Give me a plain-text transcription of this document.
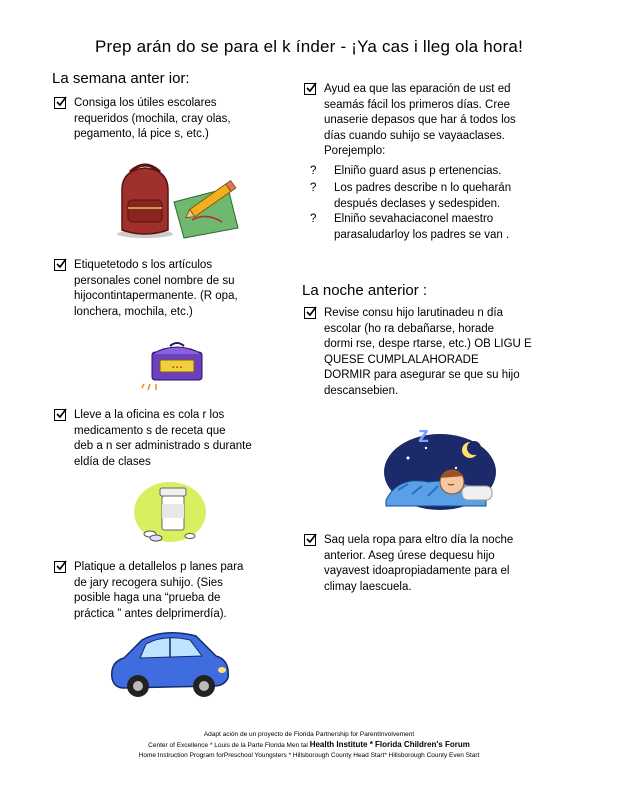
Prep arán do se para el k índer - ¡Ya cas i lleg ola hora!
La semana anter ior:

Consiga los útiles escolares

requeridos (mochila, cray olas,

pegamento, lá pice s, etc.)

Etiquetetodo s los artículos

personales conel nombre de su

hijocontintapermanente. (R opa,

lonchera, mochila, etc.)

▪ ▪ ▪

Lleve a la oficina es cola r los

medicamento s de receta que

deb a n ser administrado s durante

eldía de clases

Platique a detallelos p lanes para

de jary recogera suhijo. (Sies

posible haga una “prueba de

práctica ” antes delprimerdía).

Ayud ea que las eparación de ust ed

seamás fácil los primeros días. Cree

unaserie depasos que har á todos los

días cuando suhijo se vayaaclases.

Porejemplo:

? Elniño guard asus p ertenencias.
? Los padres describe n lo queharán
después declases y sedespiden.
? Elniño sevahaciaconel maestro
parasaludarloy los padres se van .
La noche anterior :

Revise consu hijo larutinadeu n día

escolar (ho ra debañarse, horade

dormi rse, despe rtarse, etc.) OB LIGU E

QUESE CUMPLALAHORADE

DORMIR para asegurar se que su hijo

descansebien.

z

Saq uela ropa para eltro día la noche

anterior. Aseg úrese dequesu hijo

vayavest idoapropiadamente para el

climay laescuela.

Adapt ación de un proyecto de Florida Partnership for ParentInvolvement
Center of Excellence * Louis de la Parte Florida Men tal Health Institute * Florida Children's Forum
Home Instruction Program forPreschool Youngsters * Hillsborough County Head Start* Hillsborough County Even Start
